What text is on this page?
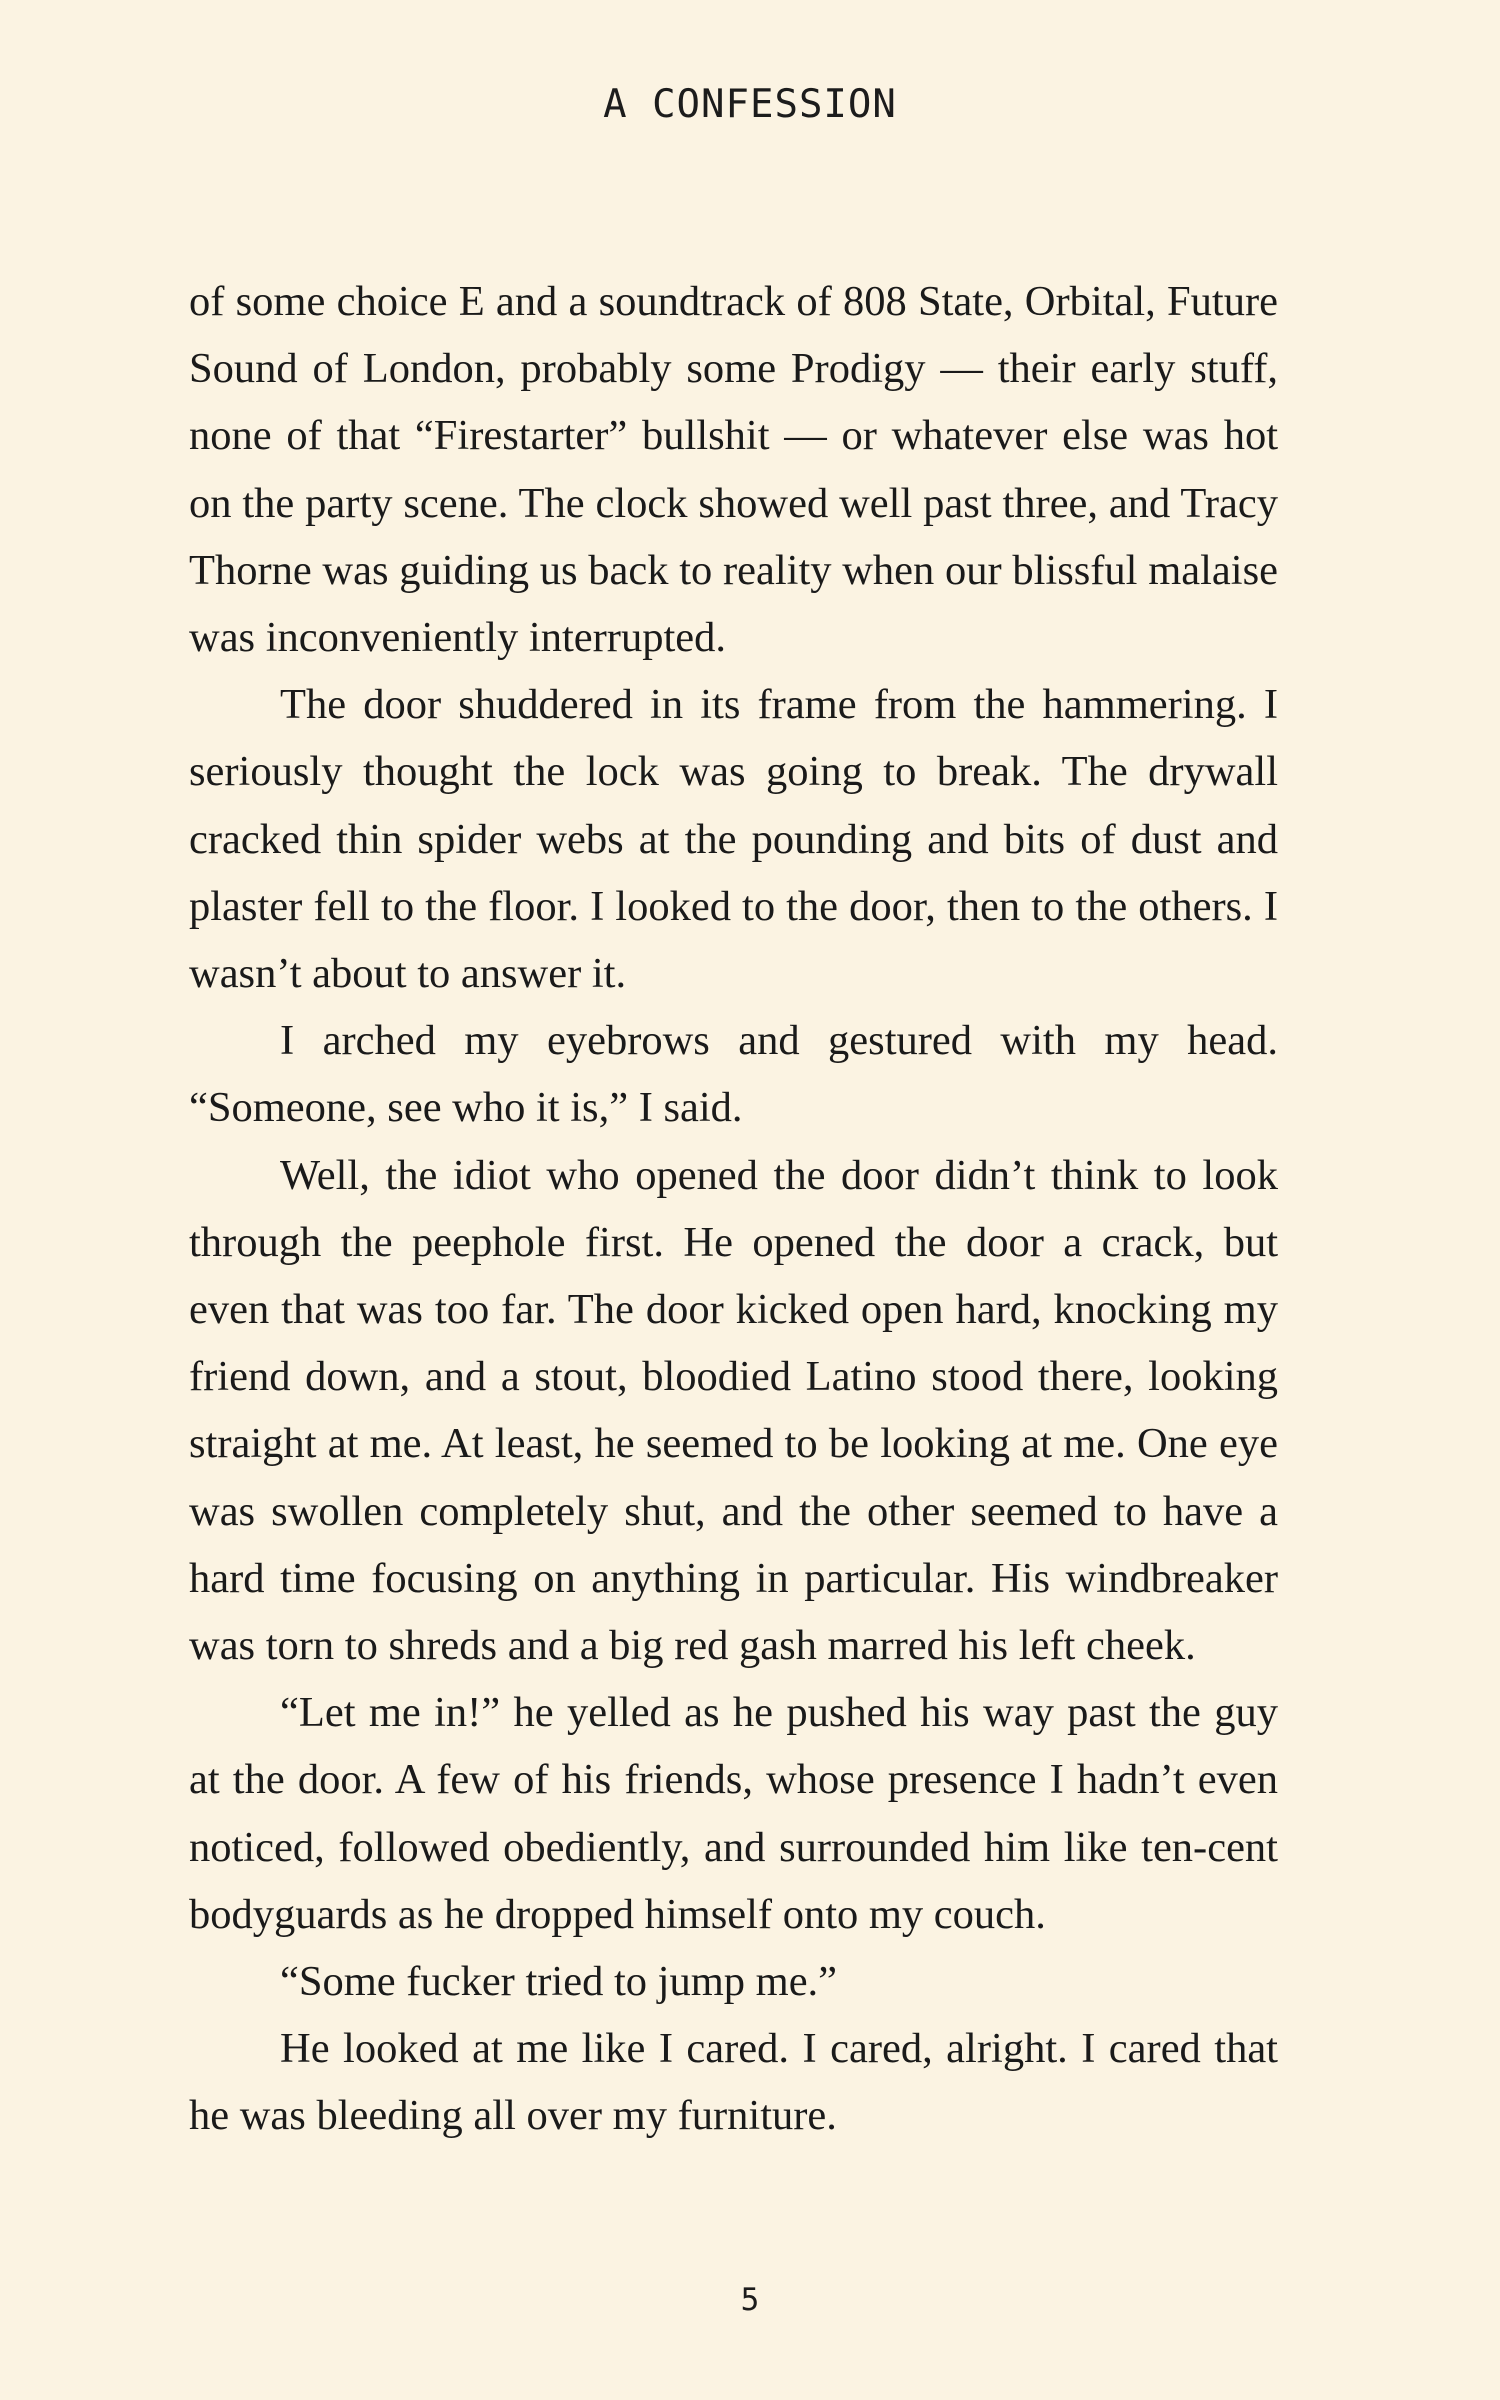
A CONFESSION

of some choice E and a soundtrack of 808 State, Orbital, Future Sound of London, probably some Prodigy — their early stuff, none of that “Firestarter” bullshit — or whatever else was hot on the party scene. The clock showed well past three, and Tracy Thorne was guiding us back to reality when our blissful malaise was inconveniently interrupted.

The door shuddered in its frame from the hammering. I seriously thought the lock was going to break. The drywall cracked thin spider webs at the pounding and bits of dust and plaster fell to the floor. I looked to the door, then to the others. I wasn’t about to answer it.

I arched my eyebrows and gestured with my head. “Someone, see who it is,” I said.

Well, the idiot who opened the door didn’t think to look through the peephole first. He opened the door a crack, but even that was too far. The door kicked open hard, knocking my friend down, and a stout, bloodied Latino stood there, looking straight at me. At least, he seemed to be looking at me. One eye was swollen completely shut, and the other seemed to have a hard time focusing on anything in particular. His windbreaker was torn to shreds and a big red gash marred his left cheek.

“Let me in!” he yelled as he pushed his way past the guy at the door. A few of his friends, whose presence I hadn’t even noticed, followed obediently, and surrounded him like ten-cent bodyguards as he dropped himself onto my couch.

“Some fucker tried to jump me.”

He looked at me like I cared. I cared, alright. I cared that he was bleeding all over my furniture.

5
